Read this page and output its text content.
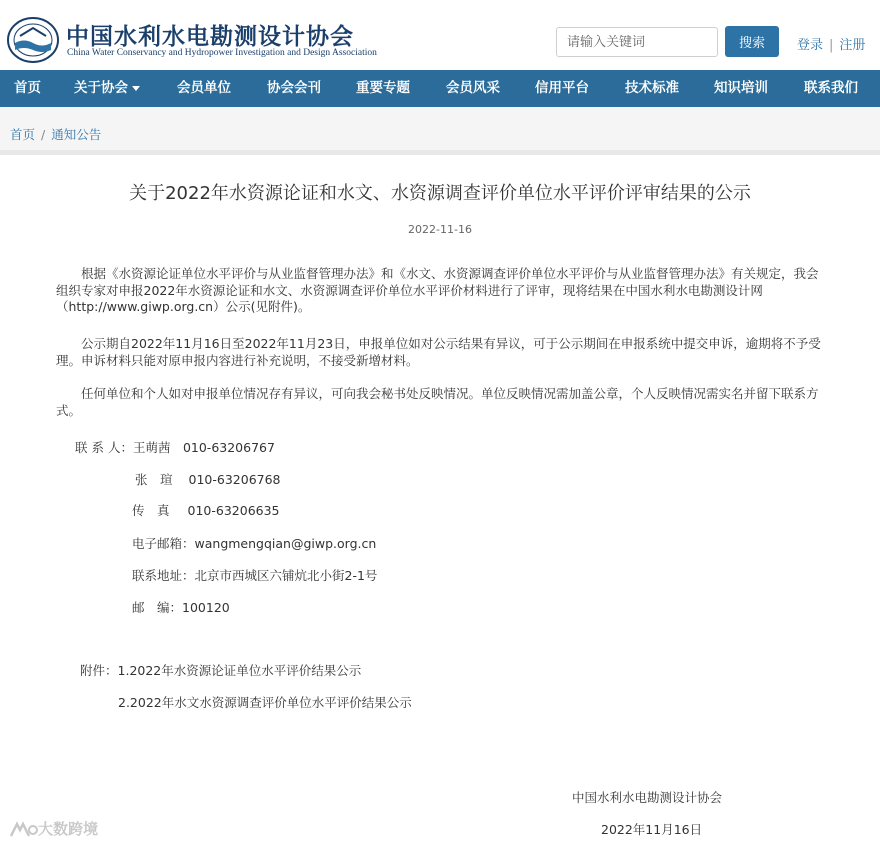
中国水利水电勘测设计协会
China Water Conservancy and Hydropower Investigation and Design Association
请输入关键词
搜索	登录 | 注册
首页 关于协会	会员单位	协会会刊	重要专题	会员风采	信用平台	技术标准	知识培训	联系我们
首页 / 通知公告
关于2022年水资源论证和水文、水资源调查评价单位水平评价评审结果的公示
2022-11-16
根据《水资源论证单位水平评价与从业监督管理办法》和《水文、水资源调查评价单位水平评价与从业监督管理办法》有关规定，我会组织专家对申报2022年水资源论证和水文、水资源调查评价单位水平评价材料进行了评审，现将结果在中国水利水电勘测设计网（http://www.giwp.org.cn）公示(见附件)。
公示期自2022年11月16日至2022年11月23日，申报单位如对公示结果有异议，可于公示期间在申报系统中提交申诉，逾期将不予受理。申诉材料只能对原申报内容进行补充说明，不接受新增材料。
任何单位和个人如对申报单位情况存有异议，可向我会秘书处反映情况。单位反映情况需加盖公章，个人反映情况需实名并留下联系方式。
联 系 人：王萌茜　010-63206767
张　瑄 010-63206768
传　真 010-63206635
电子邮箱：wangmengqian@giwp.org.cn
联系地址：北京市西城区六铺炕北小街2-1号
邮　编：100120
附件：1.2022年水资源论证单位水平评价结果公示
2.2022年水文水资源调查评价单位水平评价结果公示
中国水利水电勘测设计协会
2022年11月16日
大数跨境
